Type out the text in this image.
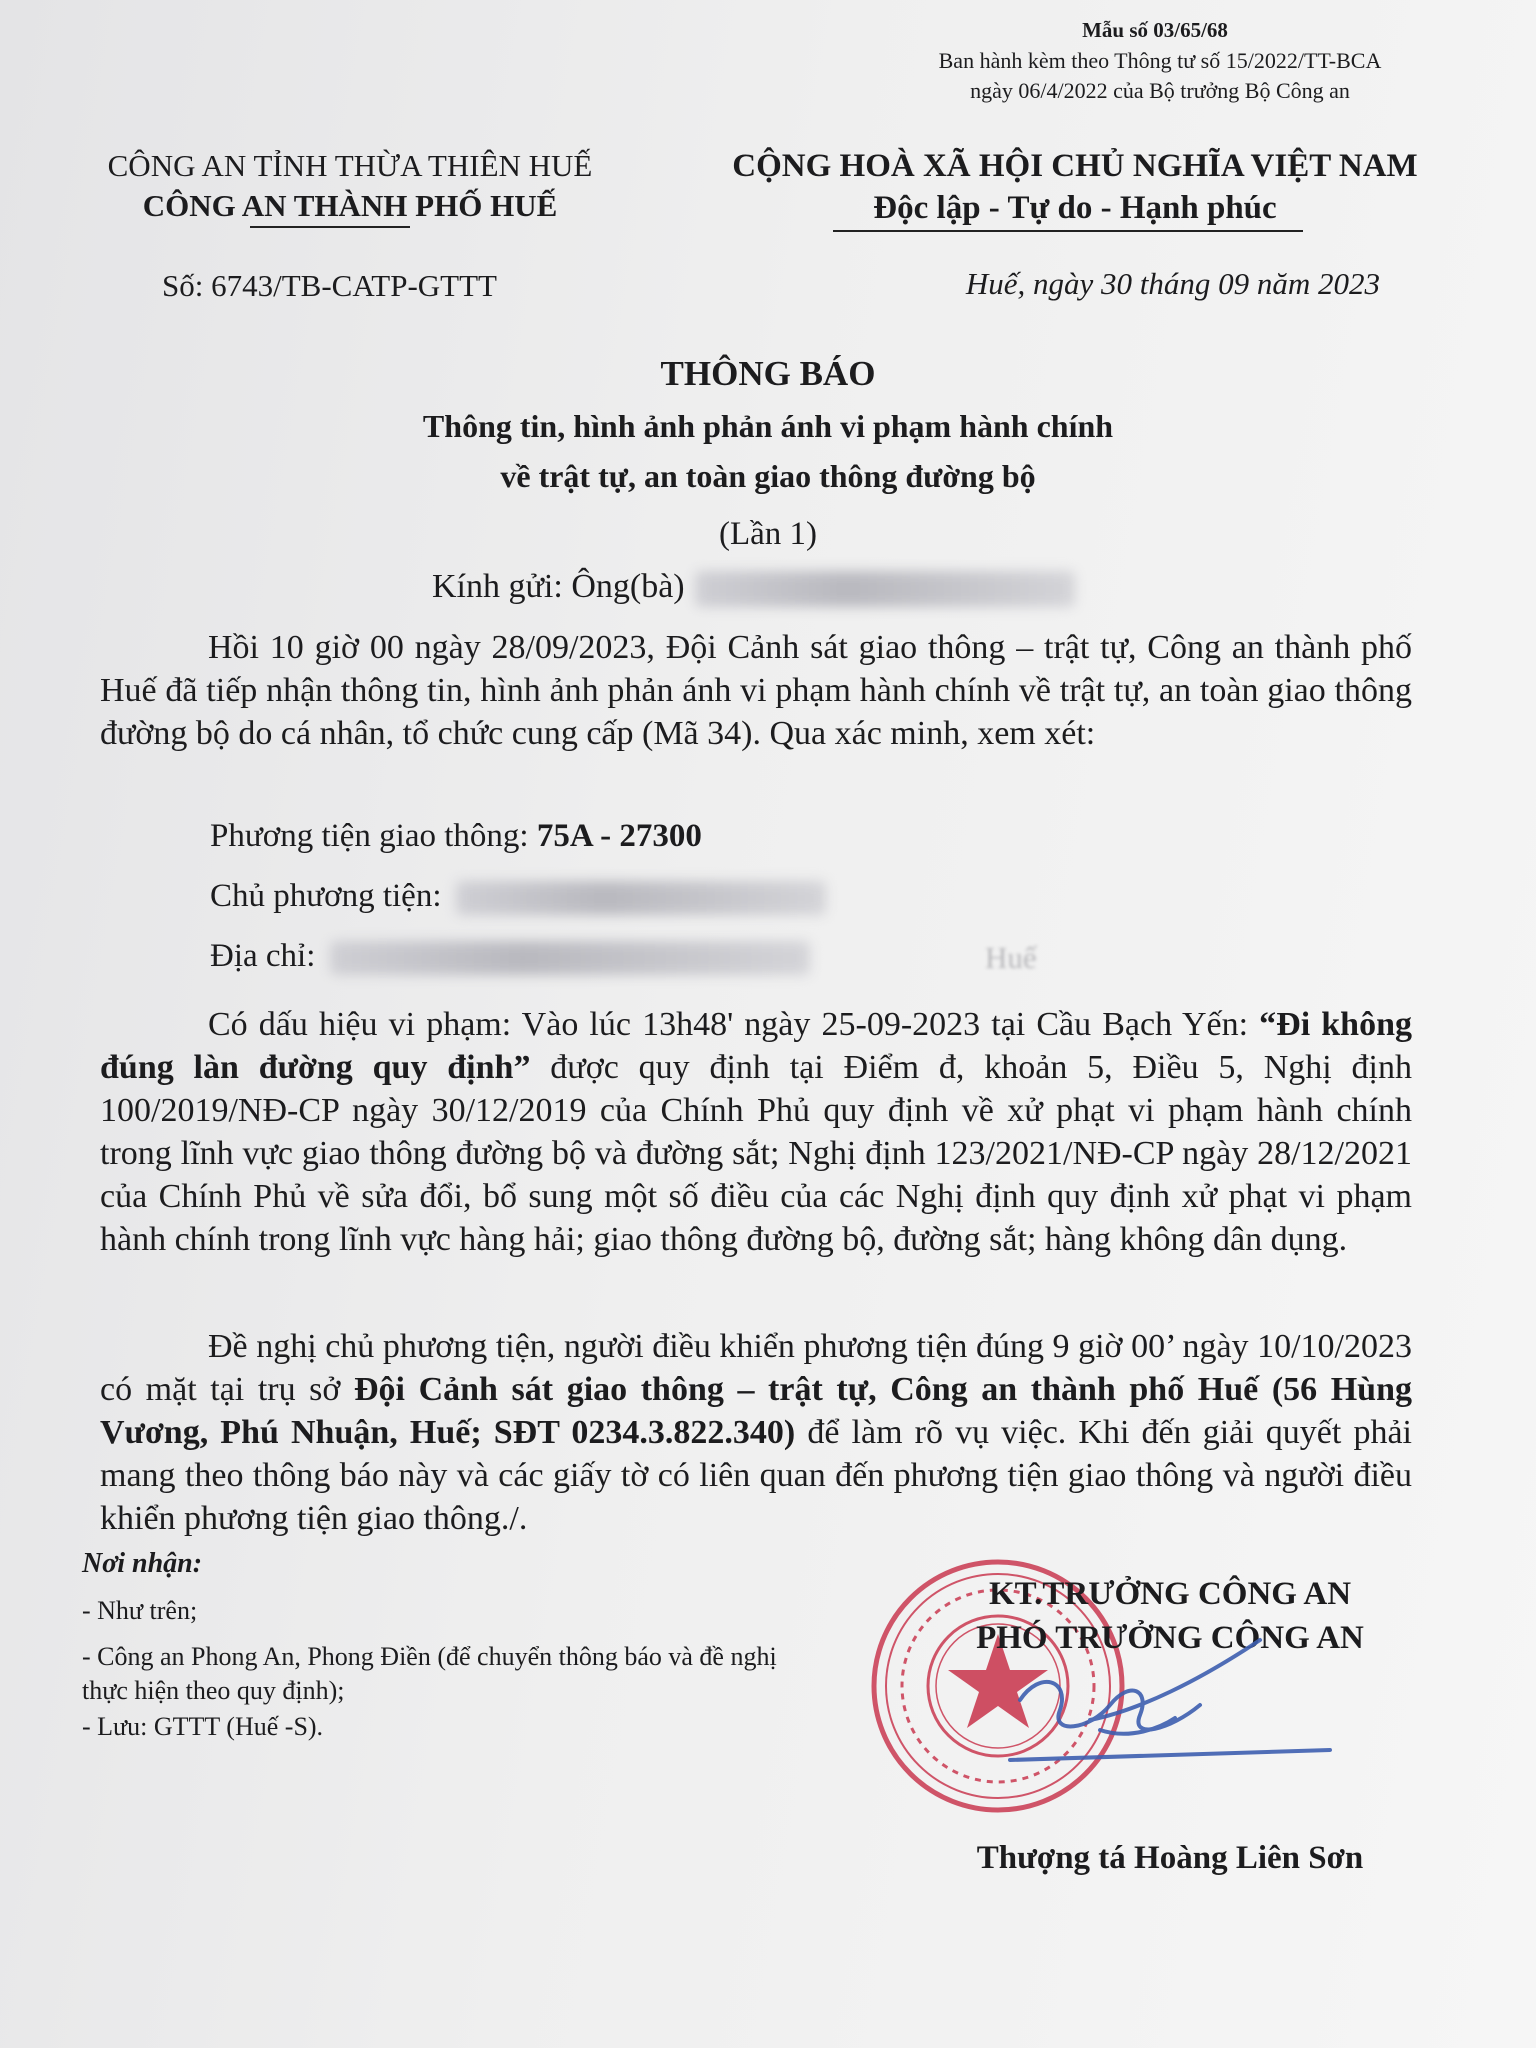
Mẫu số 03/65/68

Ban hành kèm theo Thông tư số 15/2022/TT-BCA
ngày 06/4/2022 của Bộ trưởng Bộ Công an

CÔNG AN TỈNH THỪA THIÊN HUẾ

CÔNG AN THÀNH PHỐ HUẾ

CỘNG HOÀ XÃ HỘI CHỦ NGHĨA VIỆT NAM

Độc lập - Tự do - Hạnh phúc

Số: 6743/TB-CATP-GTTT	Huế, ngày 30 tháng 09 năm 2023

THÔNG BÁO

Thông tin, hình ảnh phản ánh vi phạm hành chính

về trật tự, an toàn giao thông đường bộ

(Lần 1)

Kính gửi: Ông(bà)

Hồi 10 giờ 00 ngày 28/09/2023, Đội Cảnh sát giao thông – trật tự, Công an thành phố Huế đã tiếp nhận thông tin, hình ảnh phản ánh vi phạm hành chính về trật tự, an toàn giao thông đường bộ do cá nhân, tổ chức cung cấp (Mã 34). Qua xác minh, xem xét:

Phương tiện giao thông: 75A - 27300

Chủ phương tiện:

Địa chỉ:	Huế

Có dấu hiệu vi phạm: Vào lúc 13h48' ngày 25-09-2023 tại Cầu Bạch Yến: “Đi không đúng làn đường quy định” được quy định tại Điểm đ, khoản 5, Điều 5, Nghị định 100/2019/NĐ-CP ngày 30/12/2019 của Chính Phủ quy định về xử phạt vi phạm hành chính trong lĩnh vực giao thông đường bộ và đường sắt; Nghị định 123/2021/NĐ-CP ngày 28/12/2021 của Chính Phủ về sửa đổi, bổ sung một số điều của các Nghị định quy định xử phạt vi phạm hành chính trong lĩnh vực hàng hải; giao thông đường bộ, đường sắt; hàng không dân dụng.

Đề nghị chủ phương tiện, người điều khiển phương tiện đúng 9 giờ 00’ ngày 10/10/2023 có mặt tại trụ sở Đội Cảnh sát giao thông – trật tự, Công an thành phố Huế (56 Hùng Vương, Phú Nhuận, Huế; SĐT 0234.3.822.340) để làm rõ vụ việc. Khi đến giải quyết phải mang theo thông báo này và các giấy tờ có liên quan đến phương tiện giao thông và người điều khiển phương tiện giao thông./.

Nơi nhận:

- Như trên;

- Công an Phong An, Phong Điền (để chuyển thông báo và đề nghị thực hiện theo quy định);

- Lưu: GTTT (Huế -S).

KT.TRƯỞNG CÔNG AN

PHÓ TRƯỞNG CÔNG AN

Thượng tá Hoàng Liên Sơn
